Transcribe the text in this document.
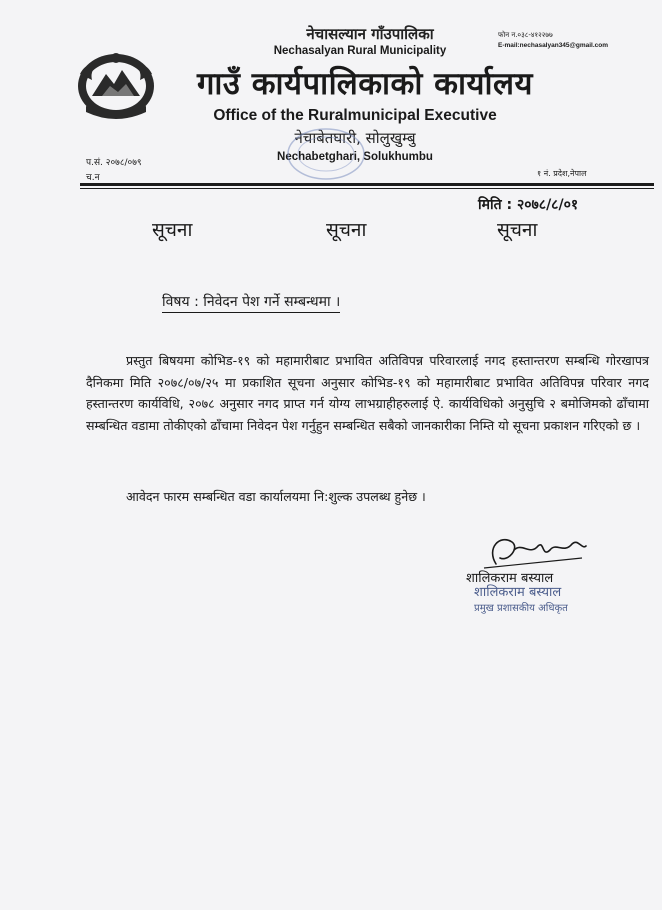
नेचासल्यान गाँउपालिका
Nechasalyan Rural Municipality
गाउँ कार्यपालिकाको कार्यालय
Office of the Ruralmunicipal Executive
नेचाबेतघारी, सोलुखुम्बु
Nechabetghari, Solukhumbu
फोन न.०३८-४१२२७७
E-mail:nechasalyan345@gmail.com
प.सं. २०७८/०७९
च.न	१ नं. प्रदेश,नेपाल
मिति : २०७८/८/०१
सूचना	सूचना	सूचना
विषय : निवेदन पेश गर्ने सम्बन्धमा ।

प्रस्तुत बिषयमा कोभिड-१९ को महामारीबाट प्रभावित अतिविपन्न परिवारलाई नगद हस्तान्तरण सम्बन्धि गोरखापत्र दैनिकमा मिति २०७८/०७/२५ मा प्रकाशित सूचना अनुसार कोभिड-१९ को महामारीबाट प्रभावित अतिविपन्न परिवार नगद हस्तान्तरण कार्यविधि, २०७८ अनुसार नगद प्राप्त गर्न योग्य लाभग्राहीहरुलाई ऐ. कार्यविधिको अनुसुचि २ बमोजिमको ढाँचामा सम्बन्धित वडामा तोकीएको ढाँचामा निवेदन पेश गर्नुहुन सम्बन्धित सबैको जानकारीका निम्ति यो सूचना प्रकाशन गरिएको छ ।

आवेदन फारम सम्बन्धित वडा कार्यालयमा नि:शुल्क उपलब्ध हुनेछ ।

शालिकराम बस्याल
शालिकराम बस्याल
प्रमुख प्रशासकीय अधिकृत
